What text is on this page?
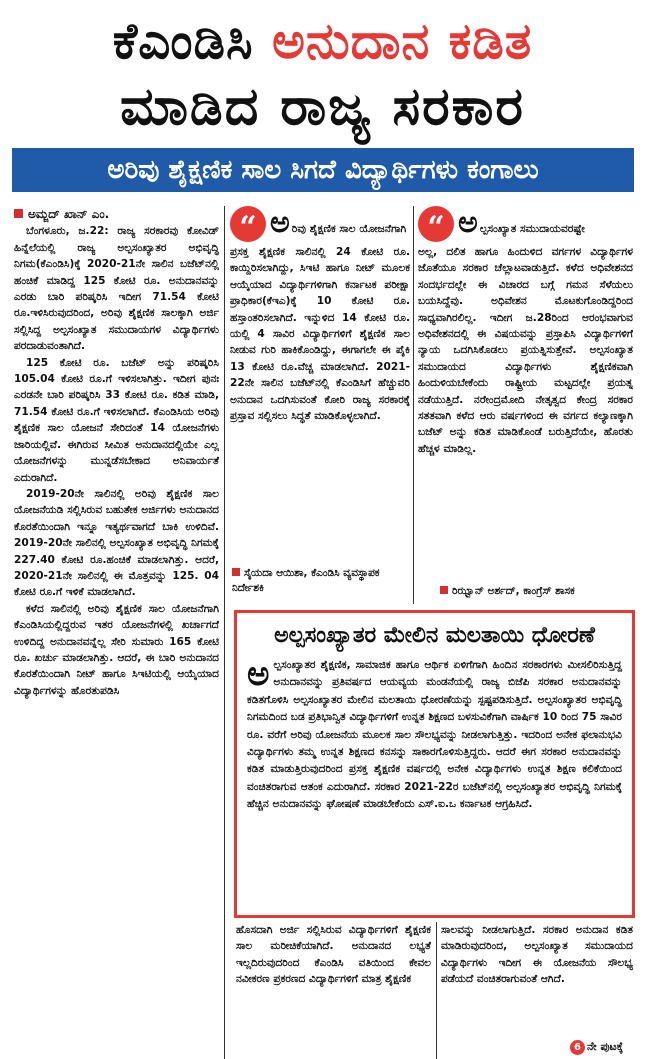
ಕೆಎಂಡಿಸಿ ಅನುದಾನ ಕಡಿತ
ಮಾಡಿದ ರಾಜ್ಯ ಸರಕಾರ
ಅರಿವು ಶೈಕ್ಷಣಿಕ ಸಾಲ ಸಿಗದೆ ವಿದ್ಯಾರ್ಥಿಗಳು ಕಂಗಾಲು
ಅಮ್ಜದ್ ಖಾನ್ ಎಂ.

ಬೆಂಗಳೂರು, ಜ.22: ರಾಜ್ಯ ಸರಕಾರವು ಕೋವಿಡ್ ಹಿನ್ನೆಲೆಯಲ್ಲಿ ರಾಜ್ಯ ಅಲ್ಪಸಂಖ್ಯಾತರ ಅಭಿವೃದ್ಧಿ ನಿಗಮ(ಕೆಎಂಡಿಸಿ)ಕ್ಕೆ 2020-21ನೇ ಸಾಲಿನ ಬಜೆಟ್‌ನಲ್ಲಿ ಹಂಚಿಕೆ ಮಾಡಿದ್ದ 125 ಕೋಟಿ ರೂ. ಅನುದಾನವನ್ನು ಎರಡು ಬಾರಿ ಪರಿಷ್ಕರಿಸಿ ಇದೀಗ 71.54 ಕೋಟಿ ರೂ.ಇಳಿಸಿರುವುದರಿಂದ, ಅರಿವು ಶೈಕ್ಷಣಿಕ ಸಾಲಕ್ಕಾಗಿ ಅರ್ಜಿ ಸಲ್ಲಿಸಿದ್ದ ಅಲ್ಪಸಂಖ್ಯಾತ ಸಮುದಾಯಗಳ ವಿದ್ಯಾರ್ಥಿಗಳು ಪರದಾಡುವಂತಾಗಿದೆ.

125 ಕೋಟಿ ರೂ. ಬಜೆಟ್ ಅನ್ನು ಪರಿಷ್ಕರಿಸಿ 105.04 ಕೋಟಿ ರೂ.ಗೆ ಇಳಿಸಲಾಗಿತ್ತು. ಇದೀಗ ಪುನಃ ಎರಡನೇ ಬಾರಿ ಪರಿಷ್ಕರಿಸಿ 33 ಕೋಟಿ ರೂ. ಕಡಿತ ಮಾಡಿ, 71.54 ಕೋಟಿ ರೂ.ಗೆ ಇಳಿಸಲಾಗಿದೆ. ಕೆಎಂಡಿಸಿಯ ಅರಿವು ಶೈಕ್ಷಣಿಕ ಸಾಲ ಯೋಜನೆ ಸೇರಿದಂತೆ 14 ಯೋಜನೆಗಳು ಜಾರಿಯಲ್ಲಿವೆ. ಈಗಿರುವ ಸೀಮಿತ ಅನುದಾನದಲ್ಲಿಯೇ ಎಲ್ಲ ಯೋಜನೆಗಳನ್ನು ಮುನ್ನಡೆಸಬೇಕಾದ ಅನಿವಾರ್ಯತೆ ಎದುರಾಗಿದೆ.

2019-20ನೇ ಸಾಲಿನಲ್ಲಿ ಅರಿವು ಶೈಕ್ಷಣಿಕ ಸಾಲ ಯೋಜನೆಯಡಿ ಸಲ್ಲಿಸಿರುವ ಬಹುತೇಕ ಅರ್ಜಿಗಳು ಅನುದಾನದ ಕೊರತೆಯಿಂದಾಗಿ ಇನ್ನೂ ಇತ್ಯರ್ಥವಾಗದೆ ಬಾಕಿ ಉಳಿದಿವೆ. 2019-20ನೇ ಸಾಲಿನಲ್ಲಿ ಅಲ್ಪಸಂಖ್ಯಾತ ಅಭಿವೃದ್ಧಿ ನಿಗಮಕ್ಕೆ 227.40 ಕೋಟಿ ರೂ.ಹಂಚಿಕೆ ಮಾಡಲಾಗಿತ್ತು. ಆದರೆ, 2020-21ನೇ ಸಾಲಿನಲ್ಲಿ ಈ ಮೊತ್ತವನ್ನು 125. 04 ಕೋಟಿ ರೂ.ಗೆ ಇಳಿಕೆ ಮಾಡಲಾಗಿದೆ.

ಕಳೆದ ಸಾಲಿನಲ್ಲಿ ಅರಿವು ಶೈಕ್ಷಣಿಕ ಸಾಲ ಯೋಜನೆಗಾಗಿ ಕೆಎಂಡಿಸಿಯಲ್ಲಿದ್ದರುವ ಇತರ ಯೋಜನೆಗಳಲ್ಲಿ ಖರ್ಚಾಗದೆ ಉಳಿದಿದ್ದ ಅನುದಾನವನ್ನೆಲ್ಲ ಸೇರಿ ಸುಮಾರು 165 ಕೋಟಿ ರೂ. ಖರ್ಚು ಮಾಡಲಾಗಿತ್ತು. ಆದರೆ, ಈ ಬಾರಿ ಅನುದಾನದ ಕೊರತೆಯಿಂದಾಗಿ ನೀಟ್ ಹಾಗೂ ಸಿಇಟಿಯಲ್ಲಿ ಆಯ್ಕೆಯಾದ ವಿದ್ಯಾರ್ಥಿಗಳನ್ನು ಹೊರತುಪಡಿಸಿ

“ ಅರಿವು ಶೈಕ್ಷಣಿಕ ಸಾಲ ಯೋಜನೆಗಾಗಿ
ಪ್ರಸಕ್ತ ಶೈಕ್ಷಣಿಕ ಸಾಲಿನಲ್ಲಿ 24 ಕೋಟಿ ರೂ. ಕಾಯ್ದಿರಿಸಲಾಗಿದ್ದು, ಸಿಇಟಿ ಹಾಗೂ ನೀಟ್ ಮೂಲಕ ಆಯ್ಕೆಯಾದ ವಿದ್ಯಾರ್ಥಿಗಳಿಗಾಗಿ ಕರ್ನಾಟಕ ಪರೀಕ್ಷಾ ಪ್ರಾಧಿಕಾರ(ಕೆಇಎ)ಕ್ಕೆ 10 ಕೋಟಿ ರೂ. ಹಸ್ತಾಂತರಿಸಲಾಗಿದೆ. ಇನ್ನುಳಿದ 14 ಕೋಟಿ ರೂ. ಯಲ್ಲಿ 4 ಸಾವಿರ ವಿದ್ಯಾರ್ಥಿಗಳಿಗೆ ಶೈಕ್ಷಣಿಕ ಸಾಲ ನೀಡುವ ಗುರಿ ಹಾಕಿಕೊಂಡಿದ್ದು, ಈಗಾಗಲೇ ಈ ಪೈಕಿ 13 ಕೋಟಿ ರೂ.ವೆಚ್ಚ ಮಾಡಲಾಗಿದೆ. 2021-22ನೇ ಸಾಲಿನ ಬಜೆಟ್‌ನಲ್ಲಿ ಕೆಎಂಡಿಸಿಗೆ ಹೆಚ್ಚುವರಿ ಅನುದಾನ ಒದಗಿಸುವಂತೆ ಕೋರಿ ರಾಜ್ಯ ಸರಕಾರಕ್ಕೆ ಪ್ರಸ್ತಾವ ಸಲ್ಲಿಸಲು ಸಿದ್ಧತೆ ಮಾಡಿಕೊಳ್ಳಲಾಗಿದೆ.
ಸೈಯದಾ ಆಯಿಶಾ, ಕೆಎಂಡಿಸಿ ವ್ಯವಸ್ಥಾಪಕ ನಿರ್ದೇಶಕಿ
“ ಅಲ್ಪಸಂಖ್ಯಾತ ಸಮುದಾಯವರಷ್ಟೇ
ಅಲ್ಲ, ದಲಿತ ಹಾಗೂ ಹಿಂದುಳಿದ ವರ್ಗಗಳ ವಿದ್ಯಾರ್ಥಿಗಳ ಜೊತೆಯೂ ಸರಕಾರ ಚೆಲ್ಲಾಟವಾಡುತ್ತಿದೆ. ಕಳೆದ ಅಧಿವೇಶನದ ಸಂದರ್ಭದಲ್ಲೇ ಈ ವಿಚಾರದ ಬಗ್ಗೆ ಗಮನ ಸೆಳೆಯಲು ಬಯಸಿದ್ದೆವು. ಅಧಿವೇಶನ ಮೊಟಕುಗೊಂಡಿದ್ದರಿಂದ ಸಾಧ್ಯವಾಗಿರಲಿಲ್ಲ. ಇದೀಗ ಜ.28ರಿಂದ ಆರಂಭವಾಗುವ ಅಧಿವೇಶನದಲ್ಲಿ ಈ ವಿಷಯವನ್ನು ಪ್ರಸ್ತಾಪಿಸಿ ವಿದ್ಯಾರ್ಥಿಗಳಿಗೆ ನ್ಯಾಯ ಒದಗಿಸಿಕೊಡಲು ಪ್ರಯತ್ನಿಸುತ್ತೇವೆ. ಅಲ್ಪಸಂಖ್ಯಾತ ಸಮುದಾಯದ ವಿದ್ಯಾರ್ಥಿಗಳು ಶೈಕ್ಷಣಿಕವಾಗಿ ಹಿಂದುಳಿಯಬೇಕೆಂದು ರಾಷ್ಟ್ರೀಯ ಮಟ್ಟದಲ್ಲೇ ಪ್ರಯತ್ನ ನಡೆಯುತ್ತಿದೆ. ನರೇಂದ್ರಮೋದಿ ನೇತೃತ್ವದ ಕೇಂದ್ರ ಸರಕಾರ ಸತತವಾಗಿ ಕಳೆದ ಆರು ವರ್ಷಗಳಿಂದ ಈ ವರ್ಗದ ಕಲ್ಯಾಣಕ್ಕಾಗಿ ಬಜೆಟ್ ಅನ್ನು ಕಡಿತ ಮಾಡಿಕೊಂಡೆ ಬರುತ್ತಿದೆಯೇ, ಹೊರತು ಹೆಚ್ಚಳ ಮಾಡಿಲ್ಲ.
ರಿಝ್ವಾನ್ ಅರ್ಶದ್, ಕಾಂಗ್ರೆಸ್ ಶಾಸಕ
ಅಲ್ಪಸಂಖ್ಯಾತರ ಮೇಲಿನ ಮಲತಾಯಿ ಧೋರಣೆ
ಅಲ್ಪಸಂಖ್ಯಾತರ ಶೈಕ್ಷಣಿಕ, ಸಾಮಾಜಿಕ ಹಾಗೂ ಆರ್ಥಿಕ ಏಳಿಗೆಗಾಗಿ ಹಿಂದಿನ ಸರಕಾರಗಳು ಮೀಸಲಿರಿಸುತ್ತಿದ್ದ ಅನುದಾನವನ್ನು ಪ್ರತಿವರ್ಷದ ಆಯವ್ಯಯ ಮಂಡನೆಯಲ್ಲಿ ರಾಜ್ಯ ಬಿಜೆಪಿ ಸರಕಾರ ಅನುದಾನವನ್ನು ಕಡಿತಗೊಳಿಸಿ ಅಲ್ಪಸಂಖ್ಯಾತರ ಮೇಲಿನ ಮಲತಾಯಿ ಧೋರಣೆಯನ್ನು ಸ್ಪಷ್ಟಪಡಿಸುತ್ತಿದೆ. ಅಲ್ಪಸಂಖ್ಯಾತರ ಅಭಿವೃದ್ಧಿ ನಿಗಮದಿಂದ ಬಡ ಪ್ರತಿಭಾನ್ವಿತ ವಿದ್ಯಾರ್ಥಿಗಳಿಗೆ ಉನ್ನತ ಶಿಕ್ಷಣದ ಬಳಸುವಿಕೆಗಾಗಿ ವಾರ್ಷಿಕ 10 ರಿಂದ 75 ಸಾವಿರ ರೂ. ವರೆಗೆ ಅರಿವು ಯೋಜನೆಯ ಮೂಲಕ ಸಾಲ ಸೌಲಭ್ಯವನ್ನು ನೀಡಲಾಗುತ್ತಿತ್ತು. ಇದರಿಂದ ಅನೇಕ ಫಲಾನುಭವಿ ವಿದ್ಯಾರ್ಥಿಗಳು ತಮ್ಮ ಉನ್ನತ ಶಿಕ್ಷಣದ ಕನಸನ್ನು ಸಾಕಾರಗೊಳಿಸುತ್ತಿದ್ದರು. ಆದರೆ ಈಗ ಸರಕಾರ ಅನುದಾನವನ್ನು ಕಡಿತ ಮಾಡುತ್ತಿರುವುದರಿಂದ ಪ್ರಸಕ್ತ ಶೈಕ್ಷಣಿಕ ವರ್ಷದಲ್ಲಿ ಅನೇಕ ವಿದ್ಯಾರ್ಥಿಗಳು ಉನ್ನತ ಶಿಕ್ಷಣ ಕಲಿಕೆಯಿಂದ ವಂಚಿತರಾಗುವ ಆತಂಕ ಎದುರಾಗಿದೆ. ಸರಕಾರ 2021-22ರ ಬಜೆಟ್‌ನಲ್ಲಿ ಅಲ್ಪಸಂಖ್ಯಾತರ ಅಭಿವೃದ್ಧಿ ನಿಗಮಕ್ಕೆ ಹೆಚ್ಚಿನ ಅನುದಾನವನ್ನು ಘೋಷಣೆ ಮಾಡಬೇಕೆಂದು ಎಸ್.ಐ.ಒ ಕರ್ನಾಟಕ ಆಗ್ರಹಿಸಿದೆ.
ಹೊಸದಾಗಿ ಅರ್ಜಿ ಸಲ್ಲಿಸಿರುವ ವಿದ್ಯಾರ್ಥಿಗಳಿಗೆ ಶೈಕ್ಷಣಿಕ ಸಾಲ ಮರೀಚಿಕೆಯಾಗಿದೆ. ಅನುದಾನದ ಲಭ್ಯತೆ ಇಲ್ಲದಿರುವುದರಿಂದ ಕೆಎಂಡಿಸಿ ವತಿಯಿಂದ ಕೇವಲ ನವೀಕರಣ ಪ್ರಕರಣದ ವಿದ್ಯಾರ್ಥಿಗಳಿಗೆ ಮಾತ್ರ ಶೈಕ್ಷಣಿಕ
ಸಾಲವನ್ನು ನೀಡಲಾಗುತ್ತಿದೆ. ಸರಕಾರ ಅನುದಾನ ಕಡಿತ ಮಾಡಿರುವುದರಿಂದ, ಅಲ್ಪಸಂಖ್ಯಾತ ಸಮುದಾಯದ ವಿದ್ಯಾರ್ಥಿಗಳು ಇದೀಗ ಈ ಯೋಜನೆಯ ಸೌಲಭ್ಯ ಪಡೆಯದೆ ವಂಚಿತರಾಗುವಂತೆ ಆಗಿದೆ.
6 ನೇ ಪುಟಕ್ಕೆ
